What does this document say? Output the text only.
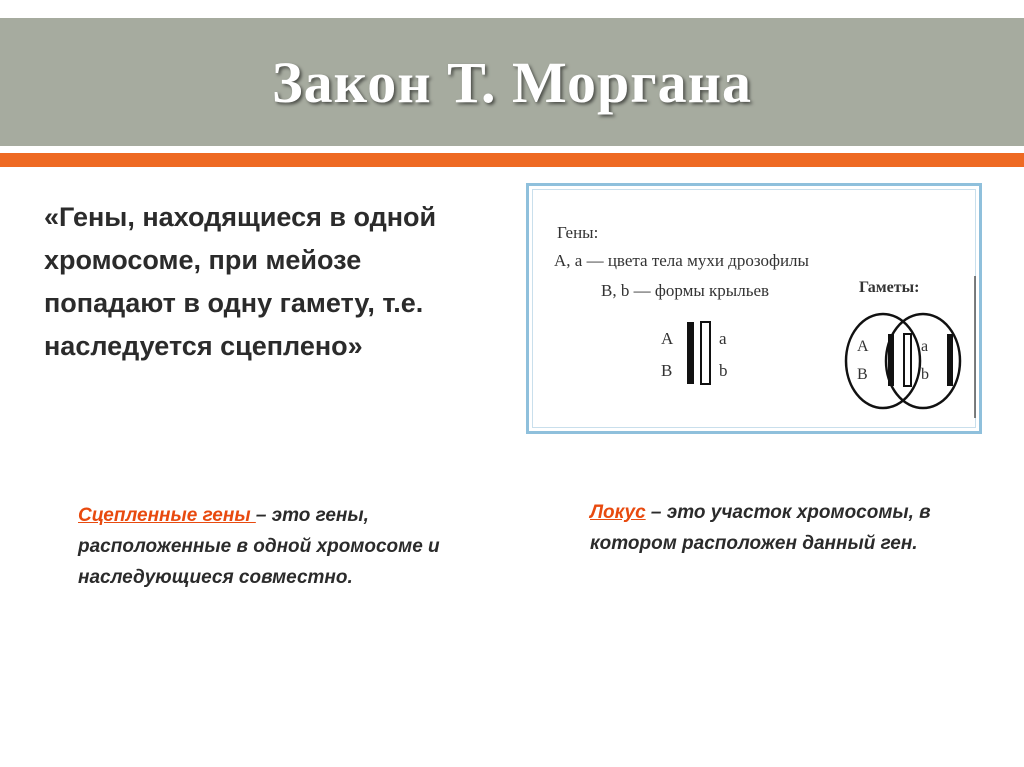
Закон Т. Моргана

«Гены, находящиеся в одной хромосоме, при мейозе попадают в одну гамету, т.е. наследуется сцеплено»

Гены:
А, а — цвета тела мухи дрозофилы
В, b — формы крыльев	Гаметы:
А
В
а
b
А
В
а
b

Сцепленные гены – это гены, расположенные в одной хромосоме и наследующиеся совместно.

Локус – это участок хромосомы, в котором расположен данный ген.
